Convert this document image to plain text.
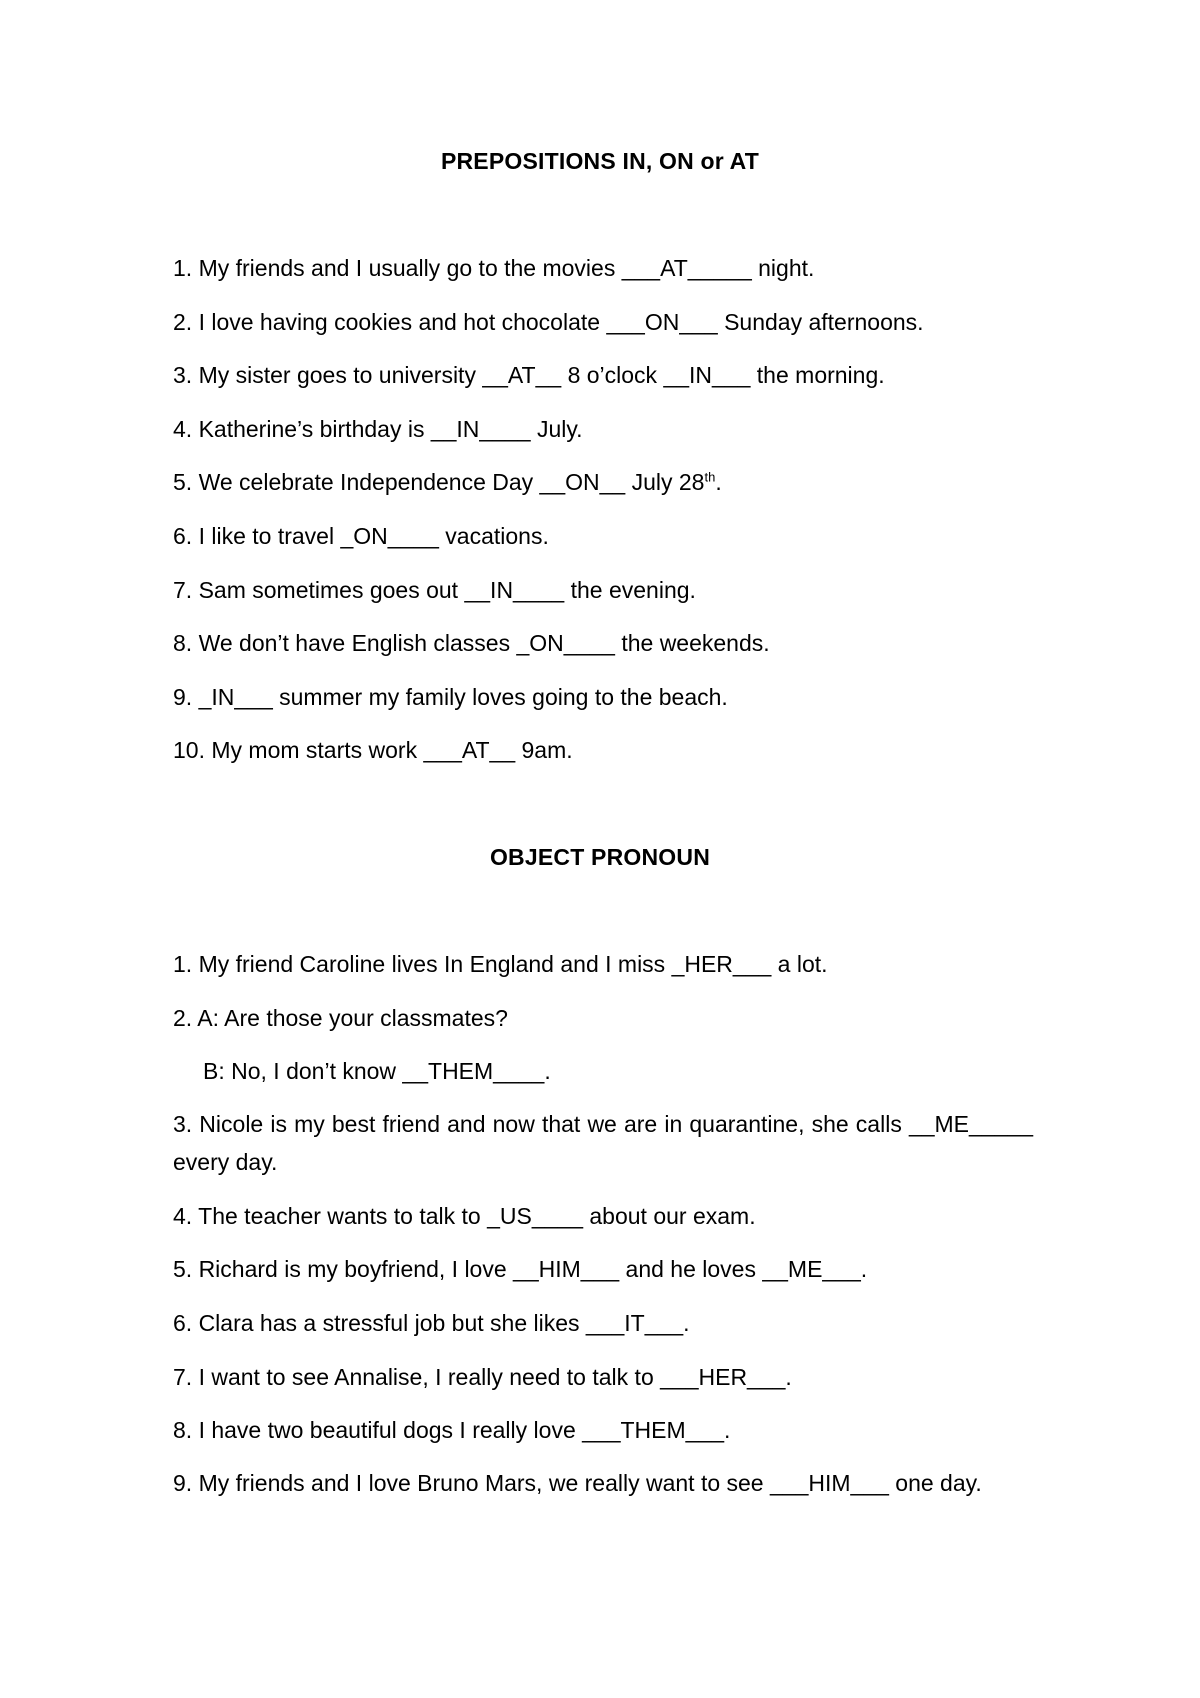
PREPOSITIONS IN, ON or AT
1. My friends and I usually go to the movies ___AT_____ night.
2. I love having cookies and hot chocolate ___ON___ Sunday afternoons.
3. My sister goes to university __AT__ 8 o’clock __IN___ the morning.
4. Katherine’s birthday is __IN____ July.
5. We celebrate Independence Day __ON__ July 28th.
6. I like to travel _ON____ vacations.
7. Sam sometimes goes out __IN____ the evening.
8. We don’t have English classes _ON____ the weekends.
9. _IN___ summer my family loves going to the beach.
10. My mom starts work ___AT__ 9am.
OBJECT PRONOUN
1. My friend Caroline lives In England and I miss _HER___ a lot.
2. A: Are those your classmates?
B: No, I don’t know __THEM____.
3. Nicole is my best friend and now that we are in quarantine, she calls __ME_____ every day.
4. The teacher wants to talk to _US____ about our exam.
5. Richard is my boyfriend, I love __HIM___ and he loves __ME___.
6. Clara has a stressful job but she likes ___IT___.
7. I want to see Annalise, I really need to talk to ___HER___.
8. I have two beautiful dogs I really love ___THEM___.
9. My friends and I love Bruno Mars, we really want to see ___HIM___ one day.
